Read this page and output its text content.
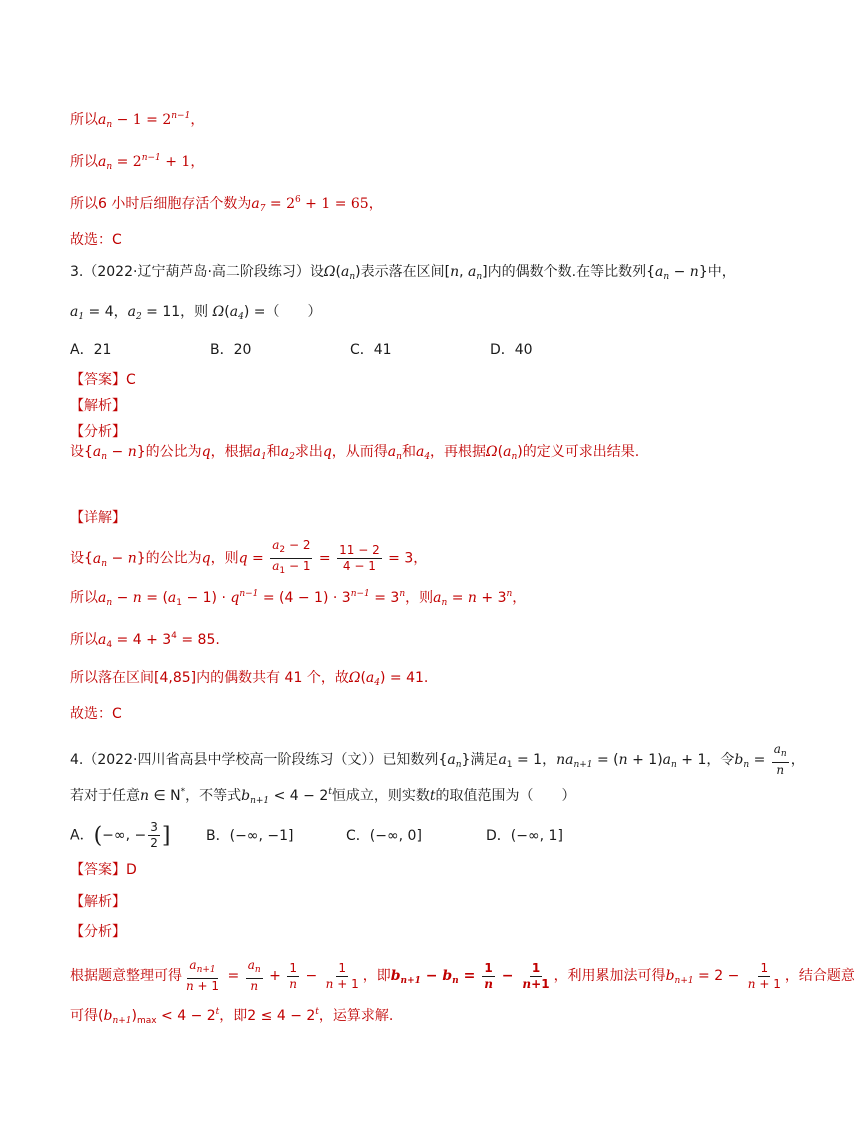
所以$a_n - 1 = 2^{n-1}$，
所以$a_n = 2^{n-1} + 1$，
所以6 小时后细胞存活个数为$a_7 = 2^6 + 1 = 65$，
故选：C
3.（2022·辽宁葫芦岛·高二阶段练习）设$\Omega(a_n)$表示落在区间[n, $a_n$]内的偶数个数.在等比数列$\{a_n - n\}$中，
$a_1 = 4$，$a_2 = 11$，则 $\Omega(a_4)$ =（　　）
A．21	B．20	C．41	D．40
【答案】C
【解析】
【分析】
设$\{a_n - n\}$的公比为q，根据$a_1$和$a_2$求出q，从而得$a_n$和$a_4$，再根据$\Omega(a_n)$的定义可求出结果.
【详解】
设$\{a_n - n\}$的公比为q，则$q = \frac{a_2 - 2}{a_1 - 1} = \frac{11 - 2}{4 - 1} = 3$，
所以$a_n - n = (a_1 - 1) \cdot q^{n-1} = (4 - 1) \cdot 3^{n-1} = 3^n$，则$a_n = n + 3^n$，
所以$a_4 = 4 + 3^4 = 85$.
所以落在区间[4,85]内的偶数共有 41 个，故$\Omega(a_4) = 41$.
故选：C
4.（2022·四川省高县中学校高一阶段练习（文））已知数列$\{a_n\}$满足$a_1 = 1$，$na_{n+1} = (n + 1)a_n + 1$，令$b_n = \frac{a_n}{n}$ ，
若对于任意n ∈ N*，不等式$b_{n+1} < 4 - 2^t$恒成立，则实数t的取值范围为（　　）
A．(−∞, − $\frac{3}{2}$ ]	B．(−∞, −1]	C．(−∞, 0]	D．(−∞, 1]
【答案】D
【解析】
【分析】
根据题意整理可得 $\frac{a_{n+1}}{n + 1} = \frac{a_n}{n} + \frac{1}{n} - \frac{1}{n + 1}$ ，即$b_{n+1} - b_n = \frac{1}{n} - \frac{1}{n+1}$ ，利用累加法可得$b_{n+1} = 2 - \frac{1}{n + 1}$ ，结合题意
可得$(b_{n+1})_{max} < 4 - 2^t$，即$2 \le 4 - 2^t$，运算求解.
